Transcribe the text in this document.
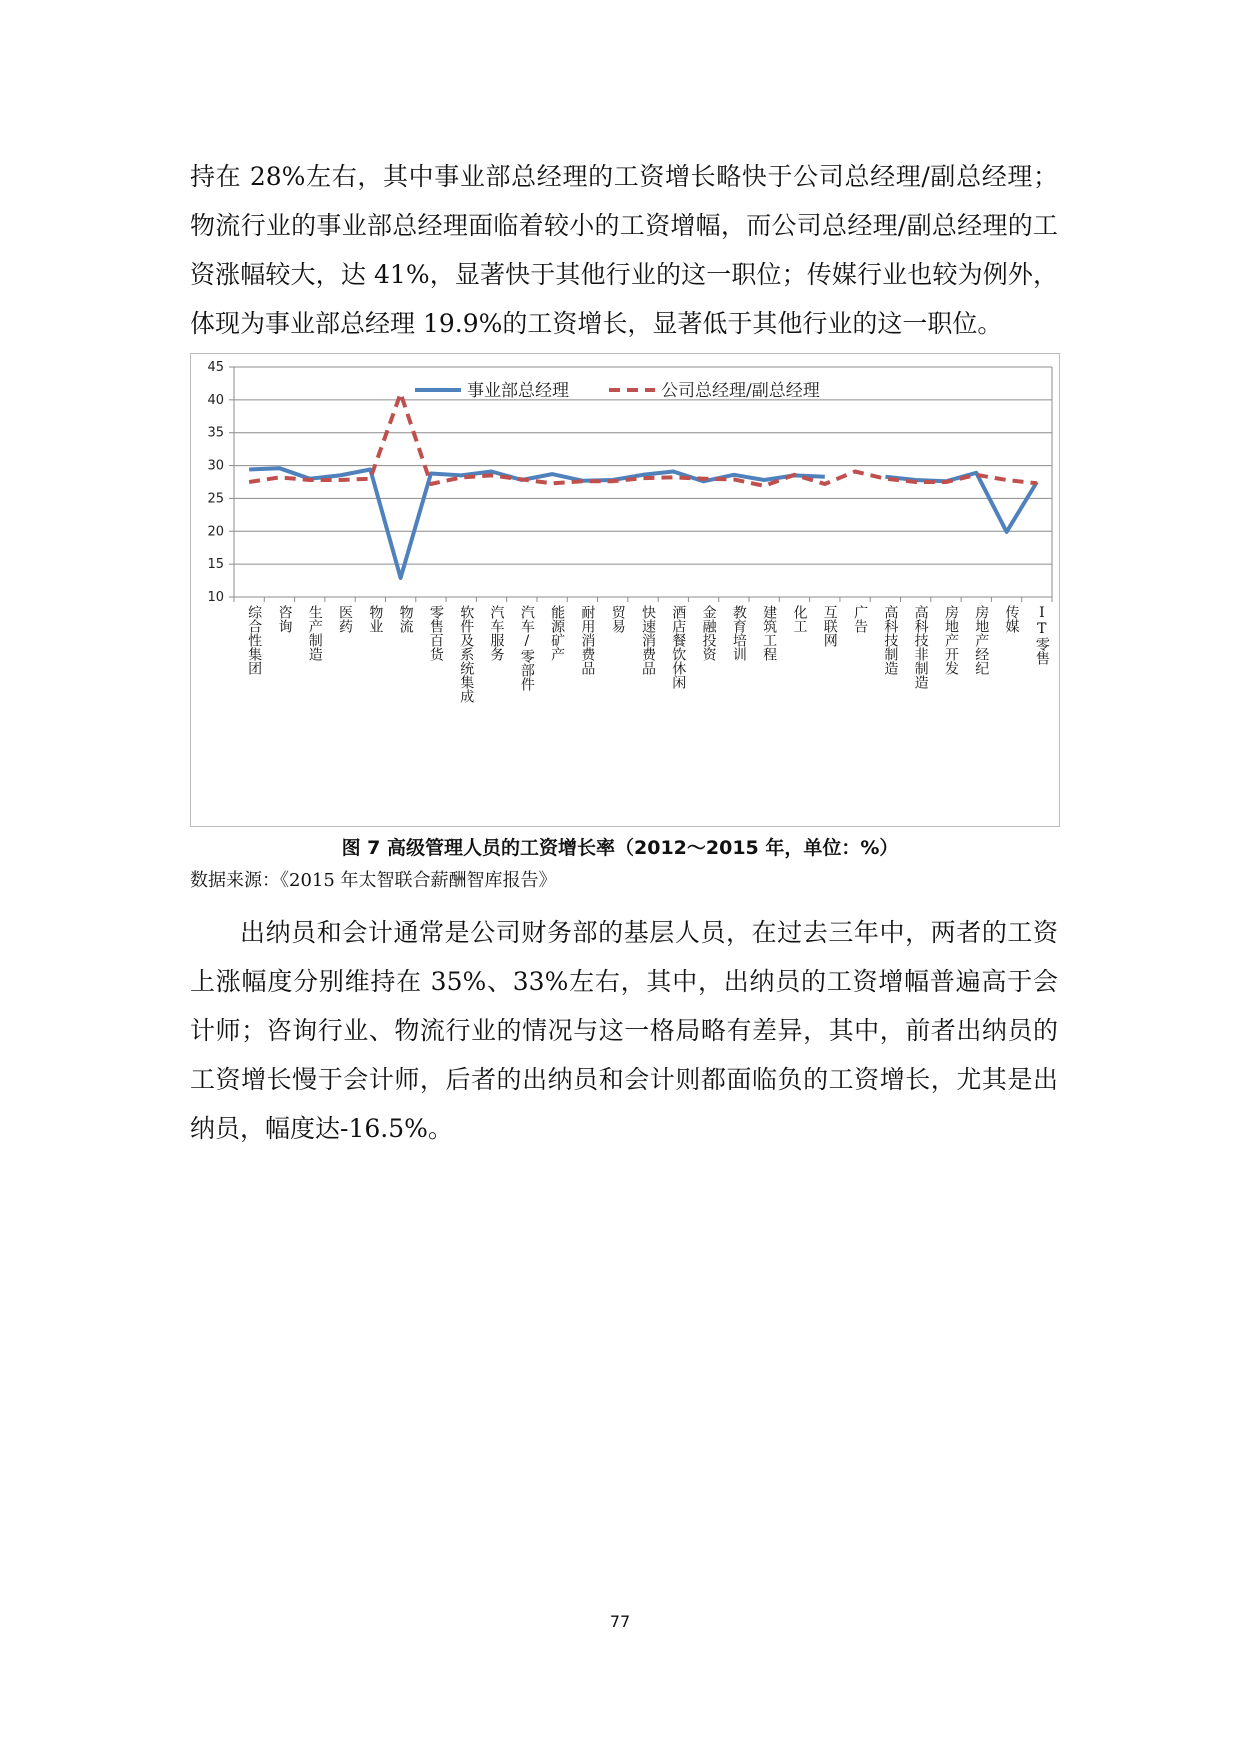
持在 28%左右，其中事业部总经理的工资增长略快于公司总经理/副总经理；物流行业的事业部总经理面临着较小的工资增幅，而公司总经理/副总经理的工资涨幅较大，达 41%，显著快于其他行业的这一职位；传媒行业也较为例外，体现为事业部总经理 19.9%的工资增长，显著低于其他行业的这一职位。

10
15
20
25
30
35
40
45
综合性集团 咨询 生产制造 医药 物业 物流 零售百货 软件及系统集成 汽车服务 汽车/零部件 能源矿产 耐用消费品 贸易 快速消费品 酒店餐饮休闲 金融投资 教育培训 建筑工程 化工 互联网 广告 高科技制造 高科技非制造 房地产开发 房地产经纪 传媒 IT零售
事业部总经理	公司总经理/副总经理
图 7 高级管理人员的工资增长率（2012～2015 年，单位：%）
数据来源：《2015 年太智联合薪酬智库报告》

出纳员和会计通常是公司财务部的基层人员，在过去三年中，两者的工资上涨幅度分别维持在 35%、33%左右，其中，出纳员的工资增幅普遍高于会计师；咨询行业、物流行业的情况与这一格局略有差异，其中，前者出纳员的工资增长慢于会计师，后者的出纳员和会计则都面临负的工资增长，尤其是出纳员，幅度达-16.5%。

77
